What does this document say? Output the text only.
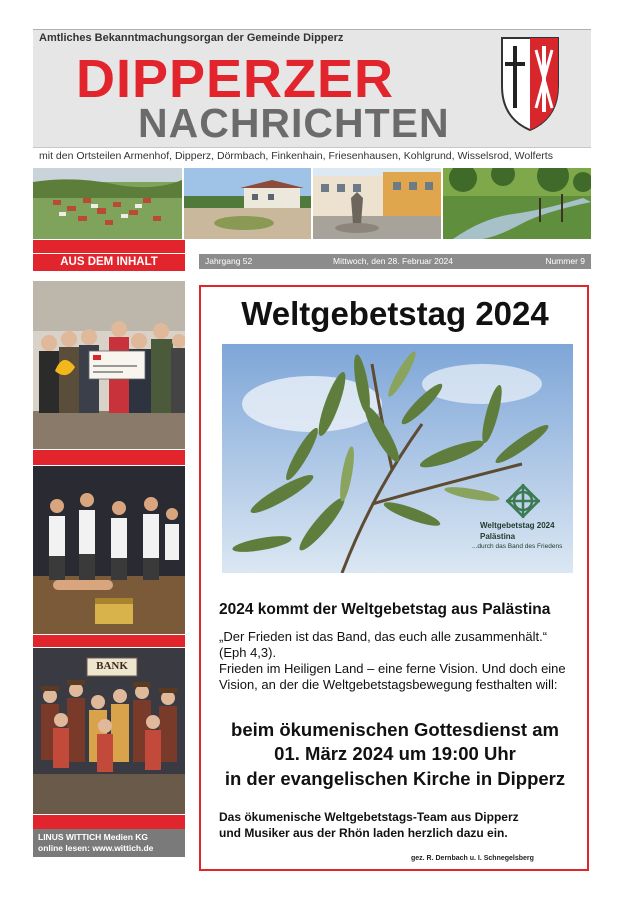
Amtliches Bekanntmachungsorgan der Gemeinde Dipperz
DIPPERZER
NACHRICHTEN
mit den Ortsteilen Armenhof, Dipperz, Dörmbach, Finkenhain, Friesenhausen, Kohlgrund, Wisselsrod, Wolferts
AUS DEM INHALT	Jahrgang 52	Mittwoch, den 28. Februar 2024	Nummer 9
BANK
LINUS WITTICH Medien KG
online lesen: www.wittich.de
Weltgebetstag 2024
Weltgebetstag 2024
Palästina
...durch das Band des Friedens
2024 kommt der Weltgebetstag aus Palästina
„Der Frieden ist das Band, das euch alle zusammenhält.“
(Eph 4,3).
Frieden im Heiligen Land – eine ferne Vision. Und doch eine
Vision, an der die Weltgebetstagsbewegung festhalten will:
beim ökumenischen Gottesdienst am
01. März 2024 um 19:00 Uhr
in der evangelischen Kirche in Dipperz
Das ökumenische Weltgebetstags-Team aus Dipperz
und Musiker aus der Rhön laden herzlich dazu ein.
gez. R. Dernbach u. I. Schnegelsberg
